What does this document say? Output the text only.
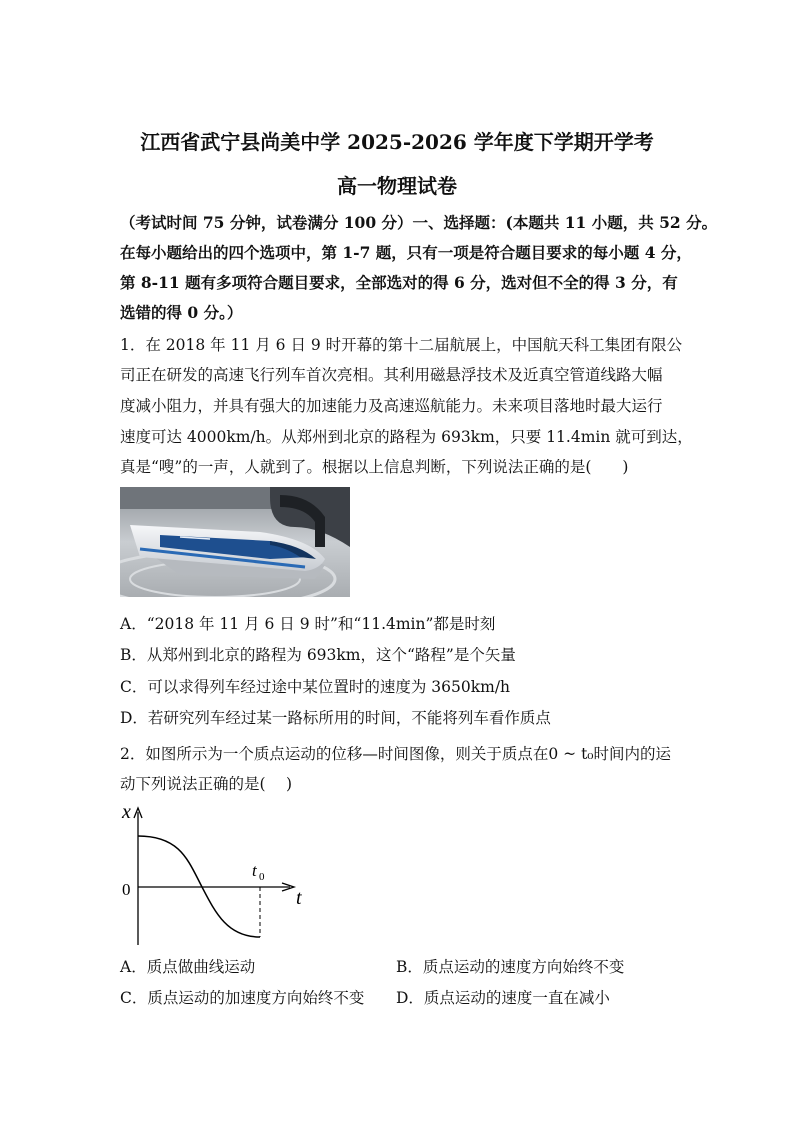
江西省武宁县尚美中学 2025-2026 学年度下学期开学考
高一物理试卷
（考试时间 75 分钟，试卷满分 100 分）一、选择题：(本题共 11 小题，共 52 分。
在每小题给出的四个选项中，第 1-7 题，只有一项是符合题目要求的每小题 4 分，
第 8-11 题有多项符合题目要求，全部选对的得 6 分，选对但不全的得 3 分，有
选错的得 0 分。）
1．在 2018 年 11 月 6 日 9 时开幕的第十二届航展上，中国航天科工集团有限公
司正在研发的高速飞行列车首次亮相。其利用磁悬浮技术及近真空管道线路大幅
度减小阻力，并具有强大的加速能力及高速巡航能力。未来项目落地时最大运行
速度可达 4000km/h。从郑州到北京的路程为 693km，只要 11.4min 就可到达，
真是“嗖”的一声，人就到了。根据以上信息判断，下列说法正确的是(　　)
A．“2018 年 11 月 6 日 9 时”和“11.4min”都是时刻
B．从郑州到北京的路程为 693km，这个“路程”是个矢量
C．可以求得列车经过途中某位置时的速度为 3650km/h
D．若研究列车经过某一路标所用的时间，不能将列车看作质点
2．如图所示为一个质点运动的位移—时间图像，则关于质点在0 ~ t₀时间内的运
动下列说法正确的是(　 )
x
t
0
t 0
A．质点做曲线运动	B．质点运动的速度方向始终不变
C．质点运动的加速度方向始终不变 D．质点运动的速度一直在减小
